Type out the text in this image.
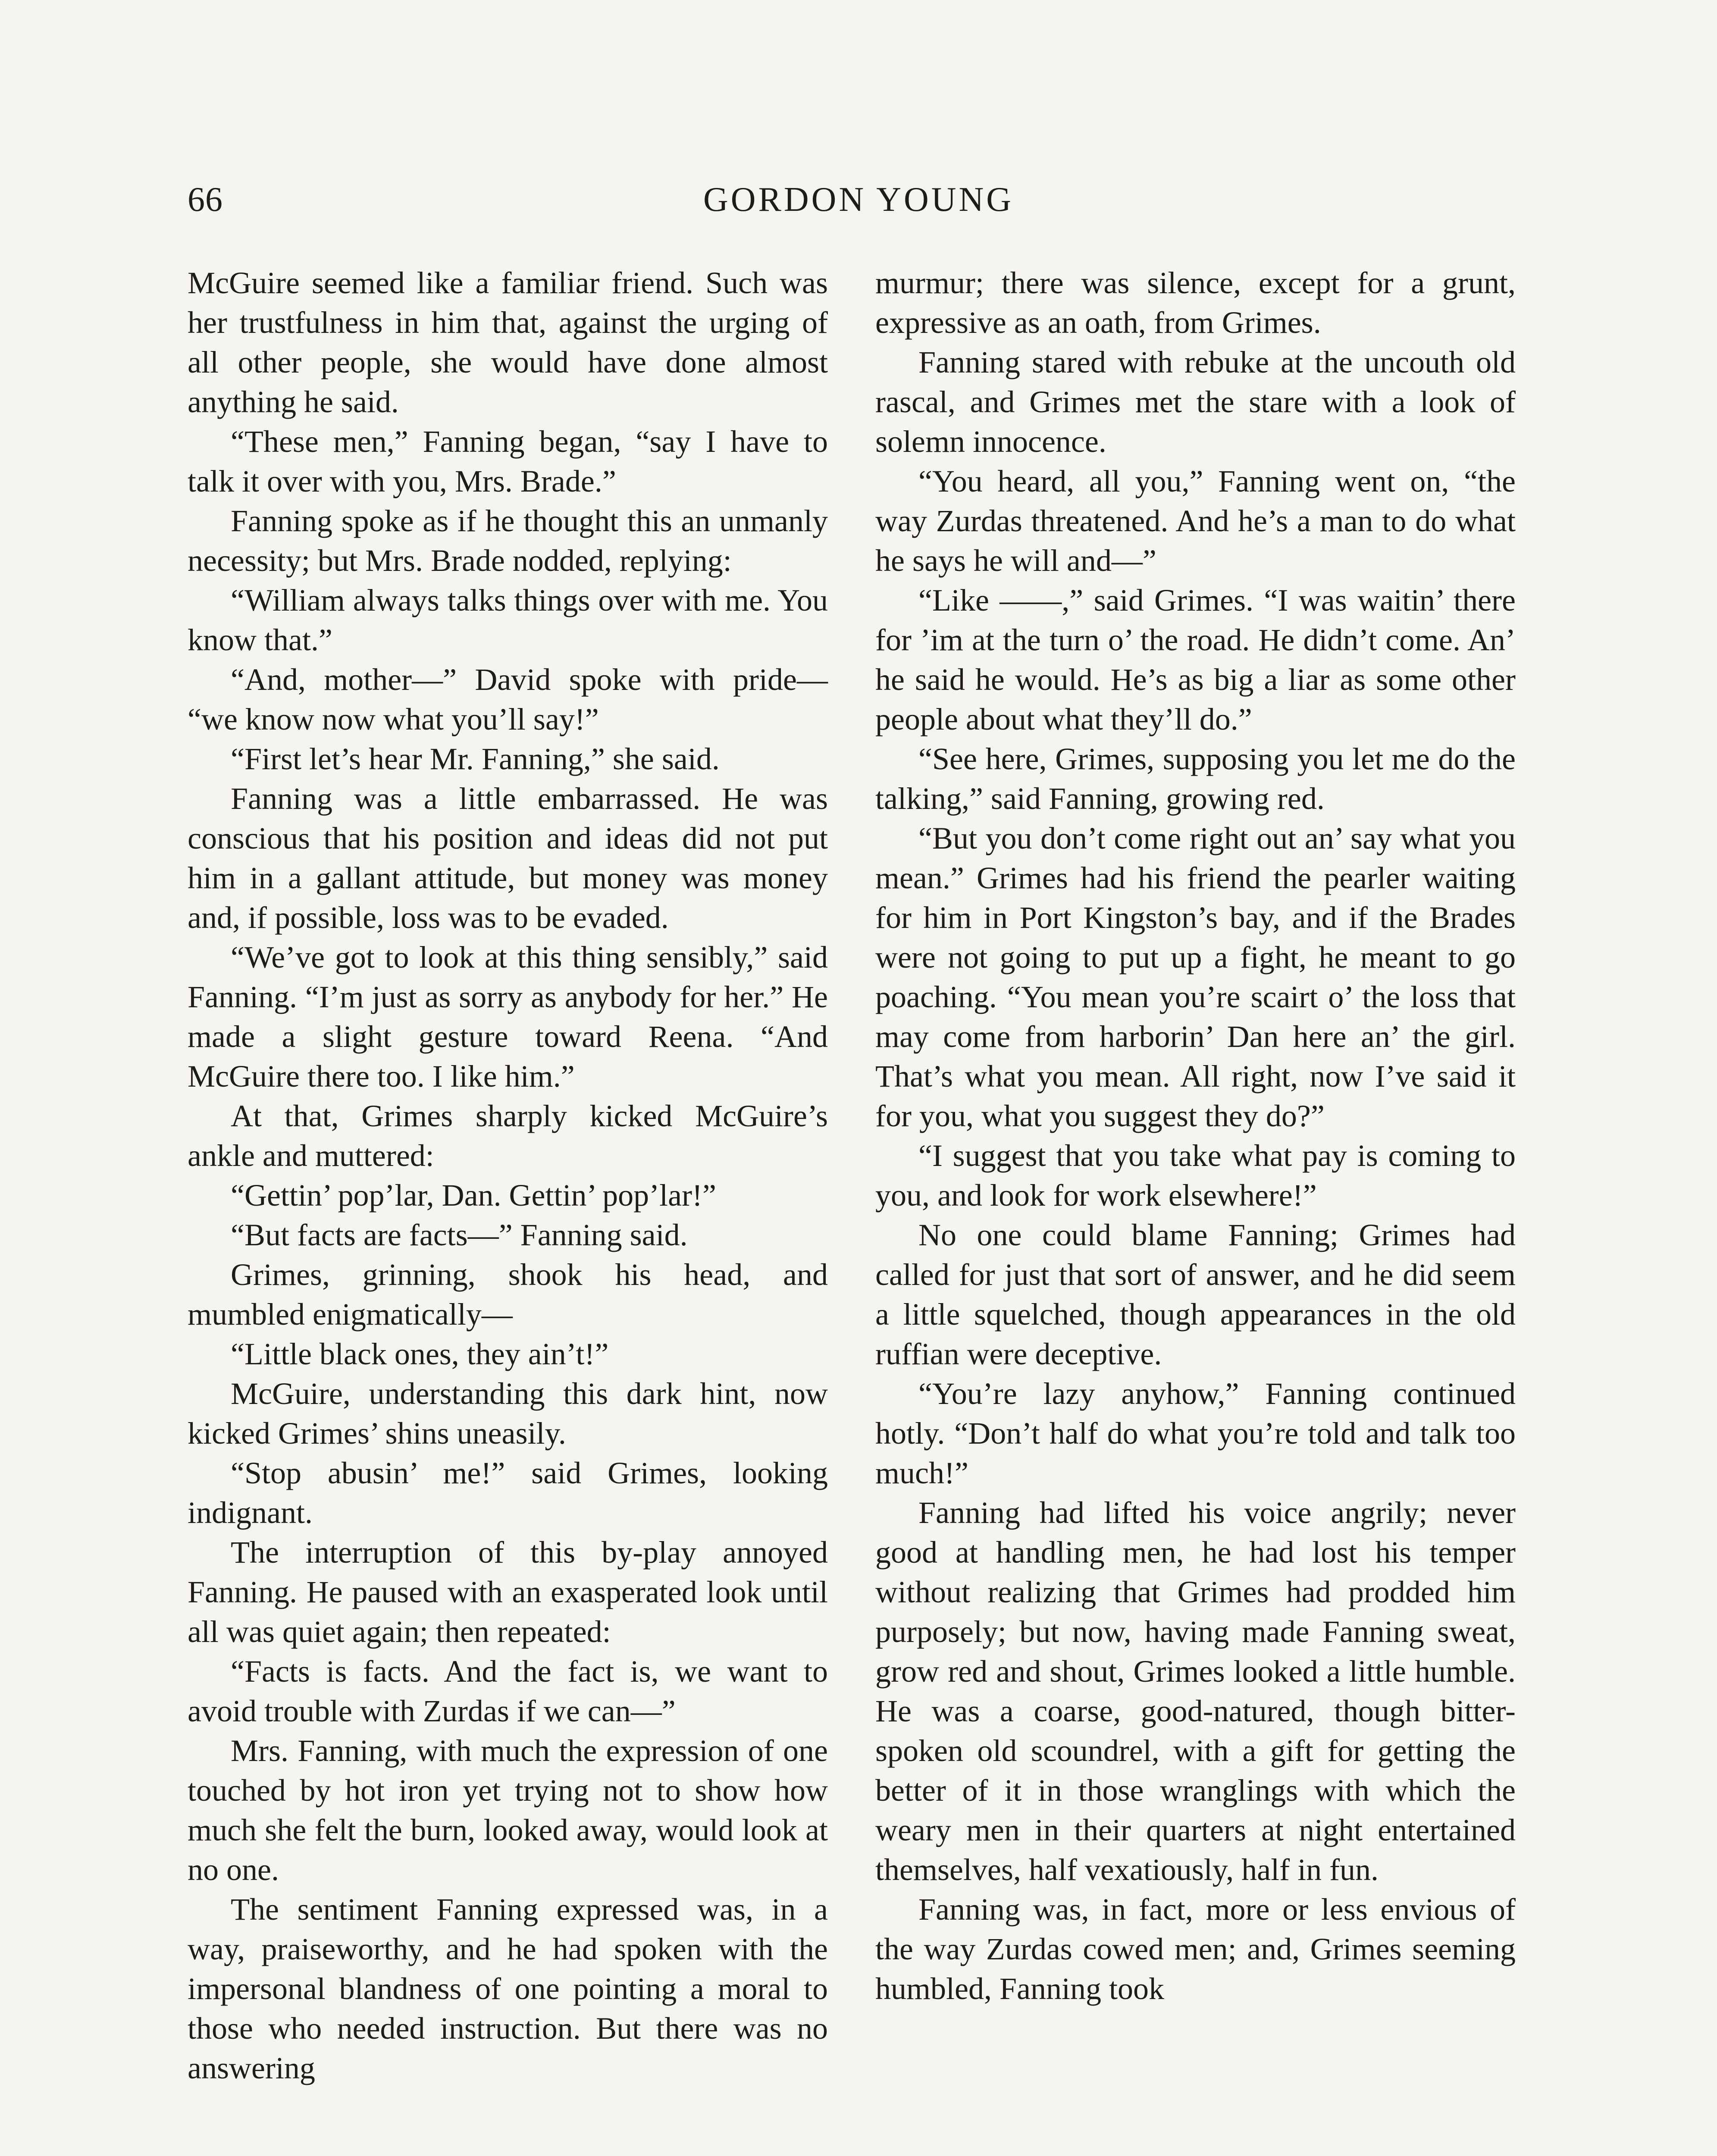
66	GORDON YOUNG

McGuire seemed like a familiar friend. Such was her trustfulness in him that, against the urging of all other people, she would have done almost anything he said.

“These men,” Fanning began, “say I have to talk it over with you, Mrs. Brade.”

Fanning spoke as if he thought this an unmanly necessity; but Mrs. Brade nodded, replying:

“William always talks things over with me. You know that.”

“And, mother—” David spoke with pride— “we know now what you’ll say!”

“First let’s hear Mr. Fanning,” she said.

Fanning was a little embarrassed. He was conscious that his position and ideas did not put him in a gallant attitude, but money was money and, if possible, loss was to be evaded.

“We’ve got to look at this thing sensibly,” said Fanning. “I’m just as sorry as anybody for her.” He made a slight gesture toward Reena. “And McGuire there too. I like him.”

At that, Grimes sharply kicked McGuire’s ankle and muttered:

“Gettin’ pop’lar, Dan. Gettin’ pop’lar!”

“But facts are facts—” Fanning said.

Grimes, grinning, shook his head, and mumbled enigmatically—

“Little black ones, they ain’t!”

McGuire, understanding this dark hint, now kicked Grimes’ shins uneasily.

“Stop abusin’ me!” said Grimes, looking indignant.

The interruption of this by-play annoyed Fanning. He paused with an exasperated look until all was quiet again; then repeated:

“Facts is facts. And the fact is, we want to avoid trouble with Zurdas if we can—”

Mrs. Fanning, with much the expression of one touched by hot iron yet trying not to show how much she felt the burn, looked away, would look at no one.

The sentiment Fanning expressed was, in a way, praiseworthy, and he had spoken with the impersonal blandness of one pointing a moral to those who needed instruction. But there was no answering

murmur; there was silence, except for a grunt, expressive as an oath, from Grimes.

Fanning stared with rebuke at the uncouth old rascal, and Grimes met the stare with a look of solemn innocence.

“You heard, all you,” Fanning went on, “the way Zurdas threatened. And he’s a man to do what he says he will and—”

“Like ——,” said Grimes. “I was waitin’ there for ’im at the turn o’ the road. He didn’t come. An’ he said he would. He’s as big a liar as some other people about what they’ll do.”

“See here, Grimes, supposing you let me do the talking,” said Fanning, growing red.

“But you don’t come right out an’ say what you mean.” Grimes had his friend the pearler waiting for him in Port Kingston’s bay, and if the Brades were not going to put up a fight, he meant to go poaching. “You mean you’re scairt o’ the loss that may come from harborin’ Dan here an’ the girl. That’s what you mean. All right, now I’ve said it for you, what you suggest they do?”

“I suggest that you take what pay is coming to you, and look for work elsewhere!”

No one could blame Fanning; Grimes had called for just that sort of answer, and he did seem a little squelched, though appearances in the old ruffian were deceptive.

“You’re lazy anyhow,” Fanning continued hotly. “Don’t half do what you’re told and talk too much!”

Fanning had lifted his voice angrily; never good at handling men, he had lost his temper without realizing that Grimes had prodded him purposely; but now, having made Fanning sweat, grow red and shout, Grimes looked a little humble. He was a coarse, good-natured, though bitter-spoken old scoundrel, with a gift for getting the better of it in those wranglings with which the weary men in their quarters at night entertained themselves, half vexatiously, half in fun.

Fanning was, in fact, more or less envious of the way Zurdas cowed men; and, Grimes seeming humbled, Fanning took
